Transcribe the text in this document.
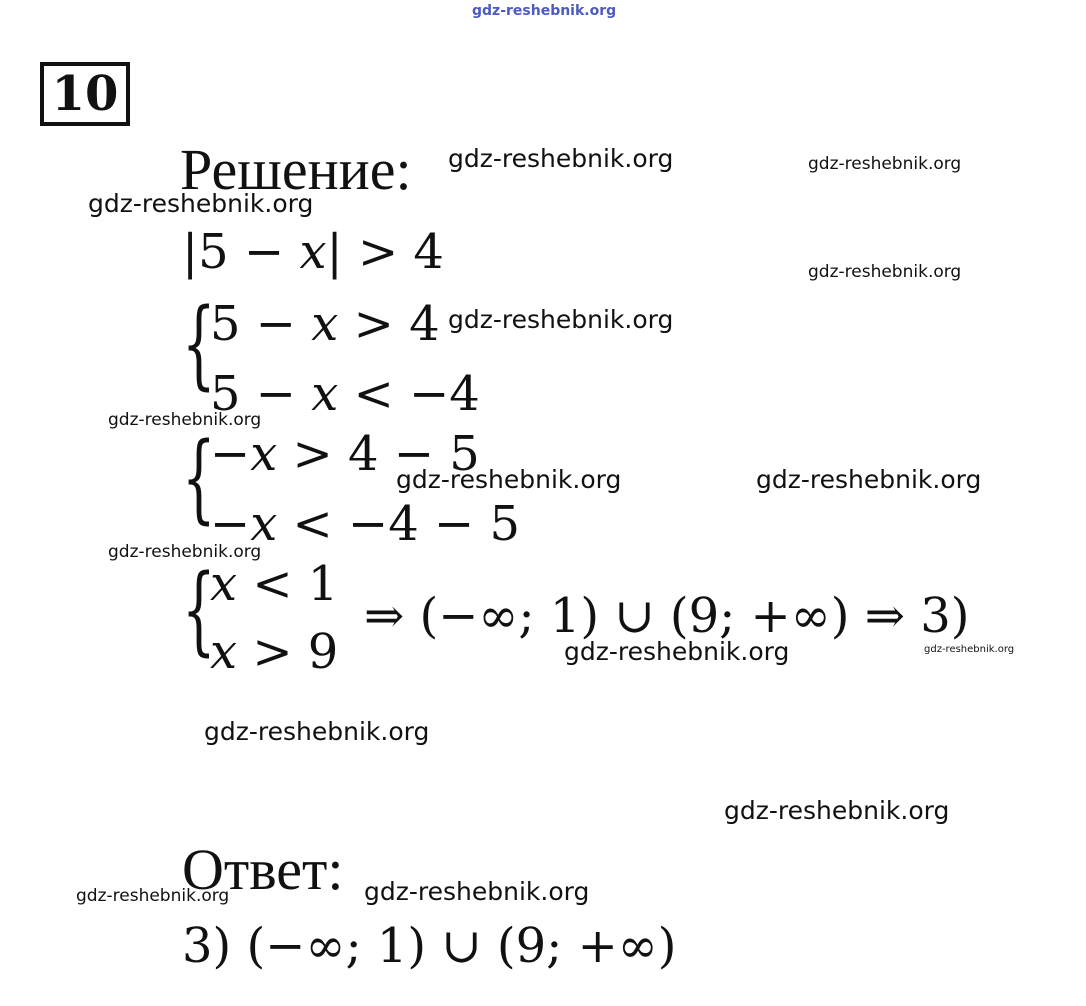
gdz-reshebnik.org
gdz-reshebnik.org	gdz-reshebnik.org
gdz-reshebnik.org
gdz-reshebnik.org
gdz-reshebnik.org
gdz-reshebnik.org
gdz-reshebnik.org	gdz-reshebnik.org
gdz-reshebnik.org
gdz-reshebnik.org	gdz-reshebnik.org
gdz-reshebnik.org
gdz-reshebnik.org
gdz-reshebnik.org
gdz-reshebnik.org
10
Решение:
|5 − 𝑥| > 4
{
5 − 𝑥 > 4
5 − 𝑥 < −4
{
−𝑥 > 4 − 5
−𝑥 < −4 − 5
{
𝑥 < 1
𝑥 > 9
⇒ (−∞; 1) ∪ (9; +∞) ⇒ 3)
Ответ:
3) (−∞; 1) ∪ (9; +∞)
